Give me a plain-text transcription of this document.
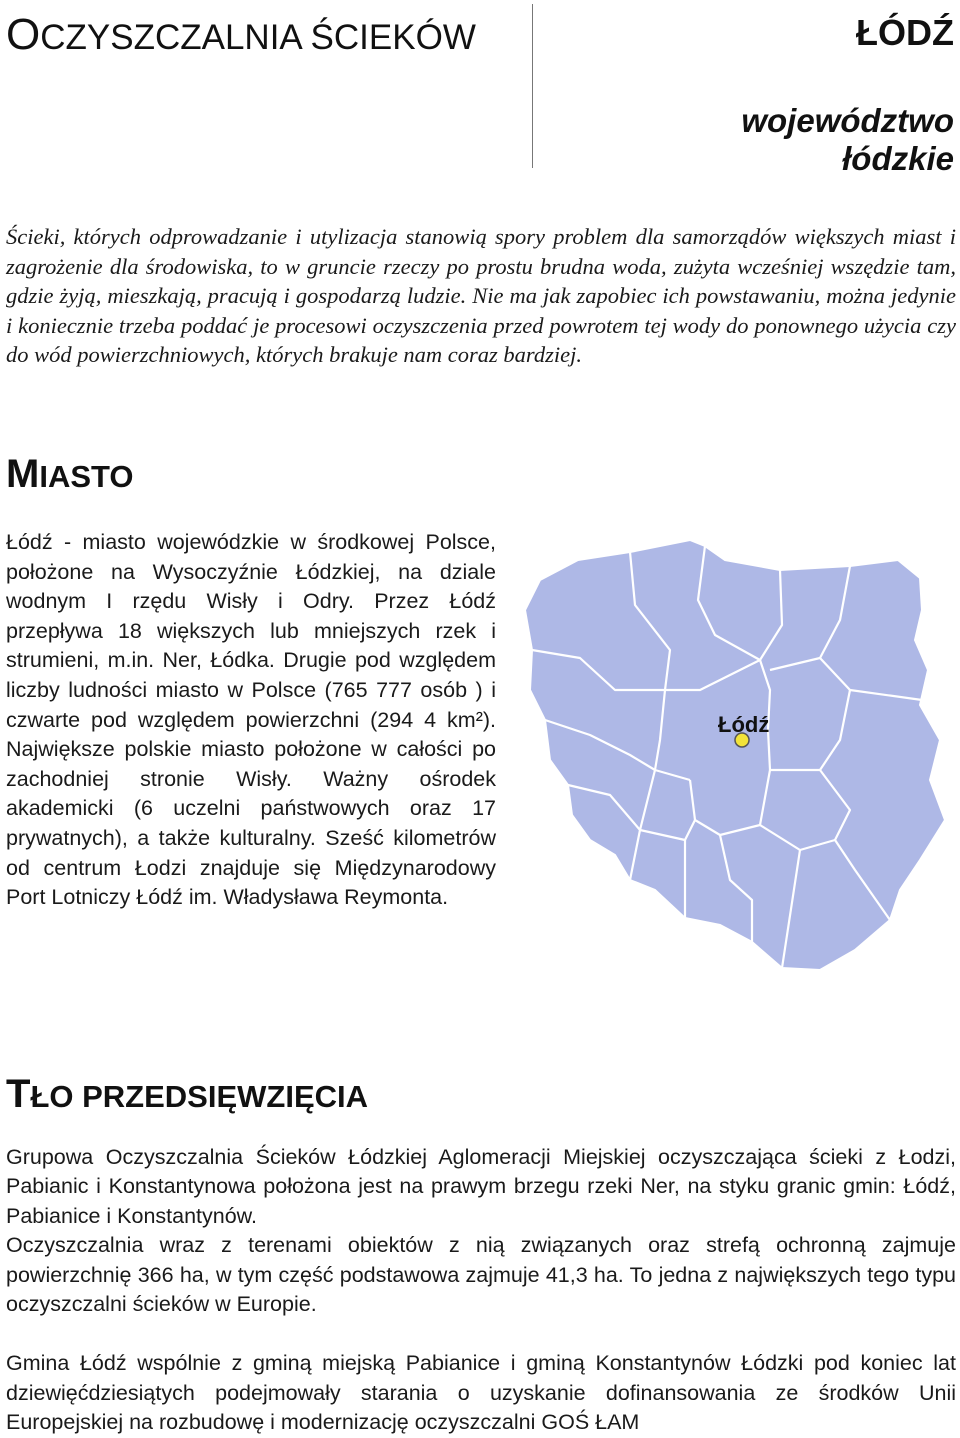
OCZYSZCZALNIA ŚCIEKÓW	ŁÓDŹ
województwo
łódzkie
Ścieki, których odprowadzanie i utylizacja stanowią spory problem dla samorządów większych miast i zagrożenie dla środowiska, to w gruncie rzeczy po prostu brudna woda, zużyta wcześniej wszędzie tam, gdzie żyją, mieszkają, pracują i gospodarzą ludzie. Nie ma jak zapobiec ich powstawaniu, można jedynie i koniecznie trzeba poddać je procesowi oczyszczenia przed powrotem tej wody do ponownego użycia czy do wód powierzchniowych, których brakuje nam coraz bardziej.
MIASTO

Łódź - miasto wojewódzkie w środkowej Polsce, położone na Wysoczyźnie Łódzkiej, na dziale wodnym I rzędu Wisły i Odry. Przez Łódź przepływa 18 większych lub mniejszych rzek i strumieni, m.in. Ner, Łódka. Drugie pod względem liczby ludności miasto w Polsce (765 777 osób ) i czwarte pod względem powierzchni (294 4 km²). Największe polskie miasto położone w całości po zachodniej stronie Wisły. Ważny ośrodek akademicki (6 uczelni państwowych oraz 17 prywatnych), a także kulturalny. Sześć kilometrów od centrum Łodzi znajduje się Międzynarodowy Port Lotniczy Łódź im. Władysława Reymonta.

Łódź
TŁO PRZEDSIĘWZIĘCIA

Grupowa Oczyszczalnia Ścieków Łódzkiej Aglomeracji Miejskiej oczyszczająca ścieki z Łodzi, Pabianic i Konstantynowa położona jest na prawym brzegu rzeki Ner, na styku granic gmin: Łódź, Pabianice i Konstantynów.

Oczyszczalnia wraz z terenami obiektów z nią związanych oraz strefą ochronną zajmuje powierzchnię 366 ha, w tym część podstawowa zajmuje 41,3 ha. To jedna z największych tego typu oczyszczalni ścieków w Europie.

Gmina Łódź wspólnie z gminą miejską Pabianice i gminą Konstantynów Łódzki pod koniec lat dziewięćdziesiątych podejmowały starania o uzyskanie dofinansowania ze środków Unii Europejskiej na rozbudowę i modernizację oczyszczalni GOŚ ŁAM
